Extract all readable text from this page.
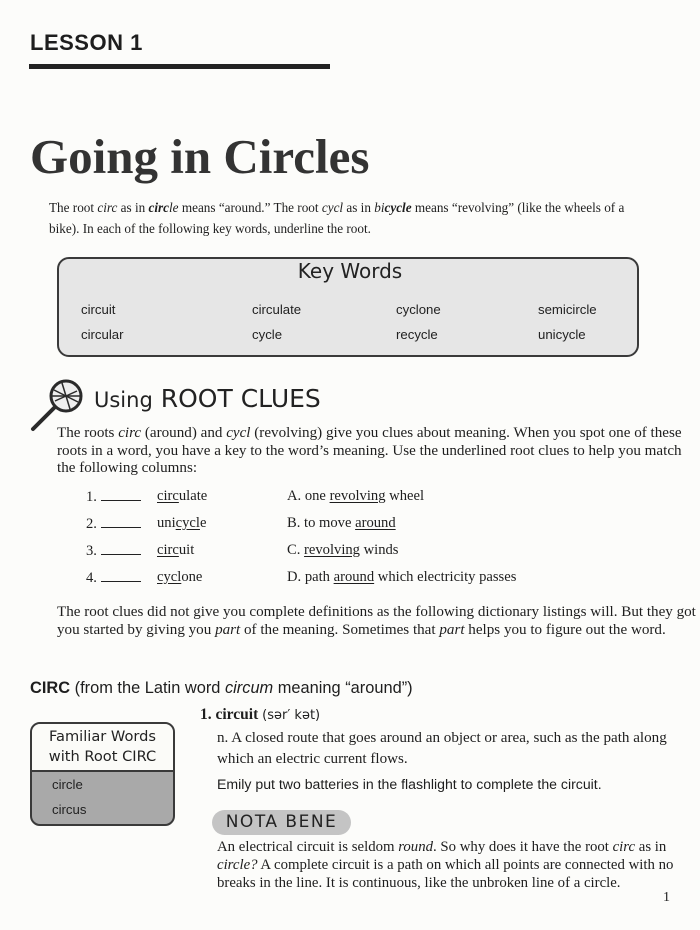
LESSON 1
Going in Circles
The root circ as in circle means “around.” The root cycl as in bicycle means “revolving” (like the wheels of a bike). In each of the following key words, underline the root.
Key Words
circuit	circulate	cyclone	semicircle
circular	cycle	recycle	unicycle
Using ROOT CLUES
The roots circ (around) and cycl (revolving) give you clues about meaning. When you spot one of these roots in a word, you have a key to the word’s meaning. Use the underlined root clues to help you match the following columns:
1.	circulate	A. one revolving wheel
2.	unicycle	B. to move around
3.	circuit	C. revolving winds
4.	cyclone	D. path around which electricity passes
The root clues did not give you complete definitions as the following dictionary listings will. But they got you started by giving you part of the meaning. Sometimes that part helps you to figure out the word.
CIRC (from the Latin word circum meaning “around”)
Familiar Words
with Root CIRC
circle
circus
1. circuit (sər′ kət)
n. A closed route that goes around an object or area, such as the path along which an electric current flows.
Emily put two batteries in the flashlight to complete the circuit.
NOTA BENE
An electrical circuit is seldom round. So why does it have the root circ as in circle? A complete circuit is a path on which all points are connected with no breaks in the line. It is continuous, like the unbroken line of a circle.
1
